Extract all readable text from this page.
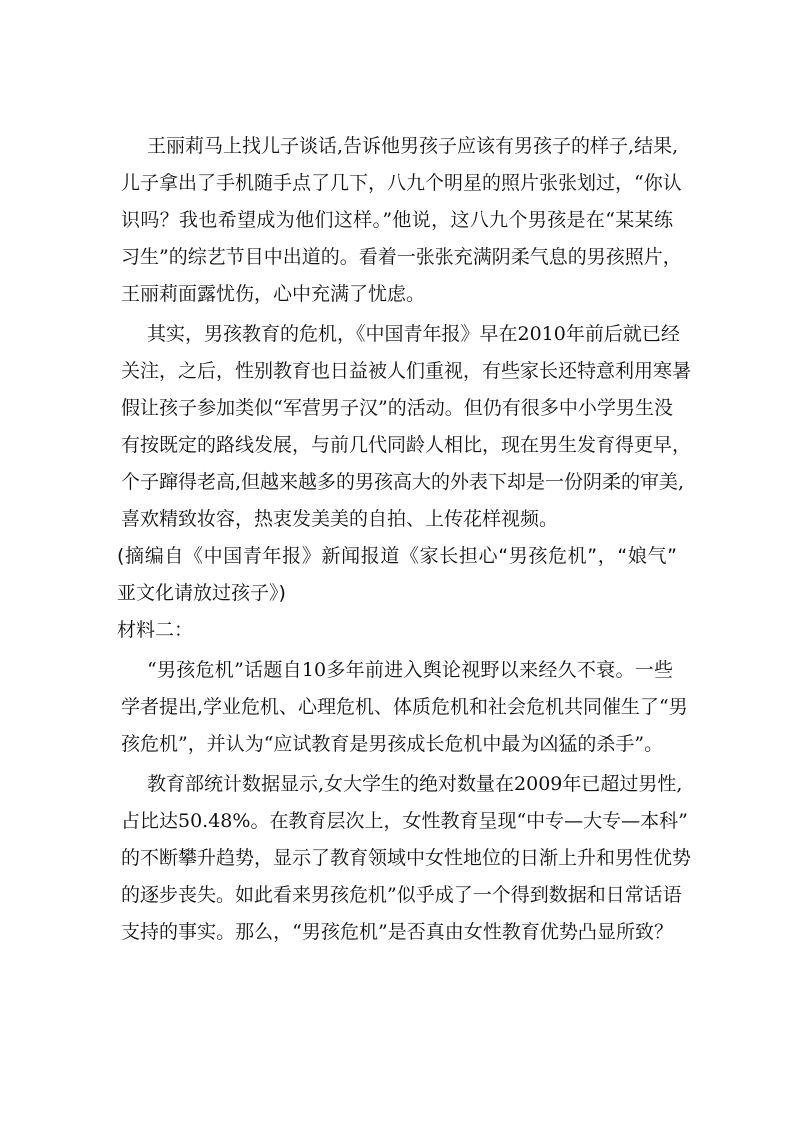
王丽莉马上找儿子谈话,告诉他男孩子应该有男孩子的样子,结果,
儿子拿出了手机随手点了几下，八九个明星的照片张张划过，“你认
识吗？我也希望成为他们这样。”他说，这八九个男孩是在“某某练
习生”的综艺节目中出道的。看着一张张充满阴柔气息的男孩照片，
王丽莉面露忧伤，心中充满了忧虑。
其实，男孩教育的危机，《中国青年报》早在2010年前后就已经
关注，之后，性别教育也日益被人们重视，有些家长还特意利用寒暑
假让孩子参加类似“军营男子汉”的活动。但仍有很多中小学男生没
有按既定的路线发展，与前几代同龄人相比，现在男生发育得更早，
个子蹿得老高,但越来越多的男孩高大的外表下却是一份阴柔的审美,
喜欢精致妆容，热衷发美美的自拍、上传花样视频。
(摘编自《中国青年报》新闻报道《家长担心“男孩危机”，“娘气”
亚文化请放过孩子》)
材料二：
“男孩危机”话题自10多年前进入舆论视野以来经久不衰。一些
学者提出,学业危机、心理危机、体质危机和社会危机共同催生了“男
孩危机”，并认为“应试教育是男孩成长危机中最为凶猛的杀手”。
教育部统计数据显示,女大学生的绝对数量在2009年已超过男性,
占比达50.48%。在教育层次上，女性教育呈现“中专—大专—本科”
的不断攀升趋势，显示了教育领域中女性地位的日渐上升和男性优势
的逐步丧失。如此看来男孩危机”似乎成了一个得到数据和日常话语
支持的事实。那么，“男孩危机”是否真由女性教育优势凸显所致？
